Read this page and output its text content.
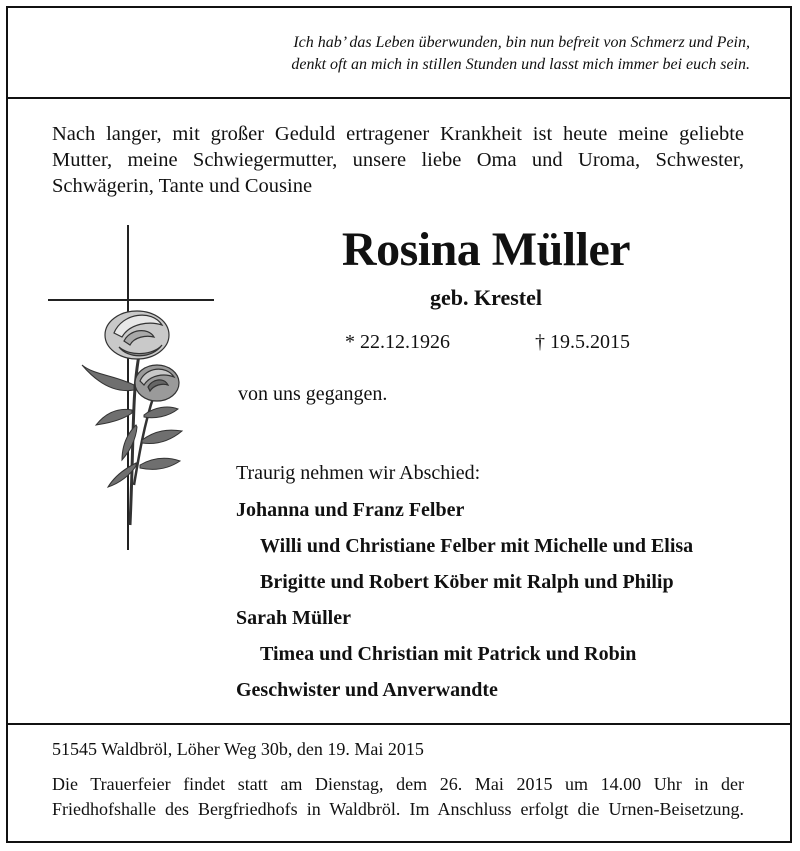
Ich hab’ das Leben überwunden, bin nun befreit von Schmerz und Pein,
denkt oft an mich in stillen Stunden und lasst mich immer bei euch sein.
Nach langer, mit großer Geduld ertragener Krankheit ist heute meine geliebte
Mutter, meine Schwiegermutter, unsere liebe Oma und Uroma, Schwester,
Schwägerin, Tante und Cousine
Rosina Müller
geb. Krestel
* 22.12.1926	† 19.5.2015
von uns gegangen.
Traurig nehmen wir Abschied:
Johanna und Franz Felber
Willi und Christiane Felber mit Michelle und Elisa
Brigitte und Robert Köber mit Ralph und Philip
Sarah Müller
Timea und Christian mit Patrick und Robin
Geschwister und Anverwandte
51545 Waldbröl, Löher Weg 30b, den 19. Mai 2015
Die Trauerfeier findet statt am Dienstag, dem 26. Mai 2015 um 14.00 Uhr in der
Friedhofshalle des Bergfriedhofs in Waldbröl. Im Anschluss erfolgt die Urnen-Beisetzung.
